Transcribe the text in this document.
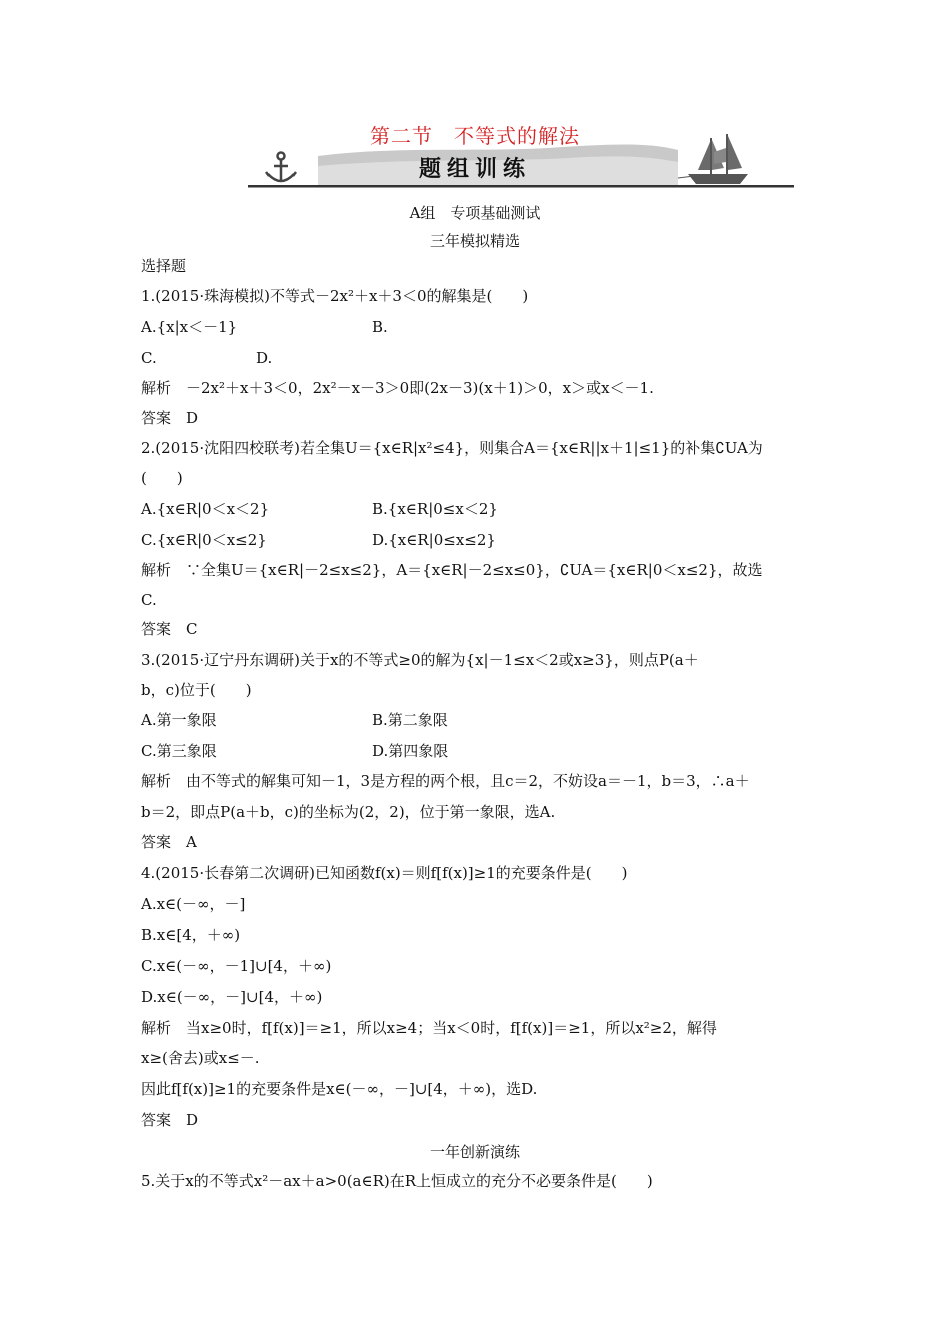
第二节　不等式的解法
题组训练
A组　专项基础测试
三年模拟精选
选择题
1.(2015·珠海模拟)不等式－2x²＋x＋3＜0的解集是(　　)
A.{x|x＜－1}	B.
C.	D.
解析　－2x²＋x＋3＜0，2x²－x－3＞0即(2x－3)(x＋1)＞0，x＞或x＜－1.
答案　D
2.(2015·沈阳四校联考)若全集U＝{x∈R|x²≤4}，则集合A＝{x∈R||x＋1|≤1}的补集∁UA为
(　　)
A.{x∈R|0＜x＜2}	B.{x∈R|0≤x＜2}
C.{x∈R|0＜x≤2}	D.{x∈R|0≤x≤2}
解析　∵全集U＝{x∈R|－2≤x≤2}，A＝{x∈R|－2≤x≤0}，∁UA＝{x∈R|0＜x≤2}，故选
C.
答案　C
3.(2015·辽宁丹东调研)关于x的不等式≥0的解为{x|－1≤x＜2或x≥3}，则点P(a＋
b，c)位于(　　)
A.第一象限	B.第二象限
C.第三象限	D.第四象限
解析　由不等式的解集可知－1，3是方程的两个根，且c＝2，不妨设a＝－1，b＝3，∴a＋
b＝2，即点P(a＋b，c)的坐标为(2，2)，位于第一象限，选A.
答案　A
4.(2015·长春第二次调研)已知函数f(x)＝则f[f(x)]≥1的充要条件是(　　)
A.x∈(－∞，－]
B.x∈[4，＋∞)
C.x∈(－∞，－1]∪[4，＋∞)
D.x∈(－∞，－]∪[4，＋∞)
解析　当x≥0时，f[f(x)]＝≥1，所以x≥4；当x＜0时，f[f(x)]＝≥1，所以x²≥2，解得
x≥(舍去)或x≤－.
因此f[f(x)]≥1的充要条件是x∈(－∞，－]∪[4，＋∞)，选D.
答案　D
一年创新演练
5.关于x的不等式x²－ax＋a>0(a∈R)在R上恒成立的充分不必要条件是(　　)
